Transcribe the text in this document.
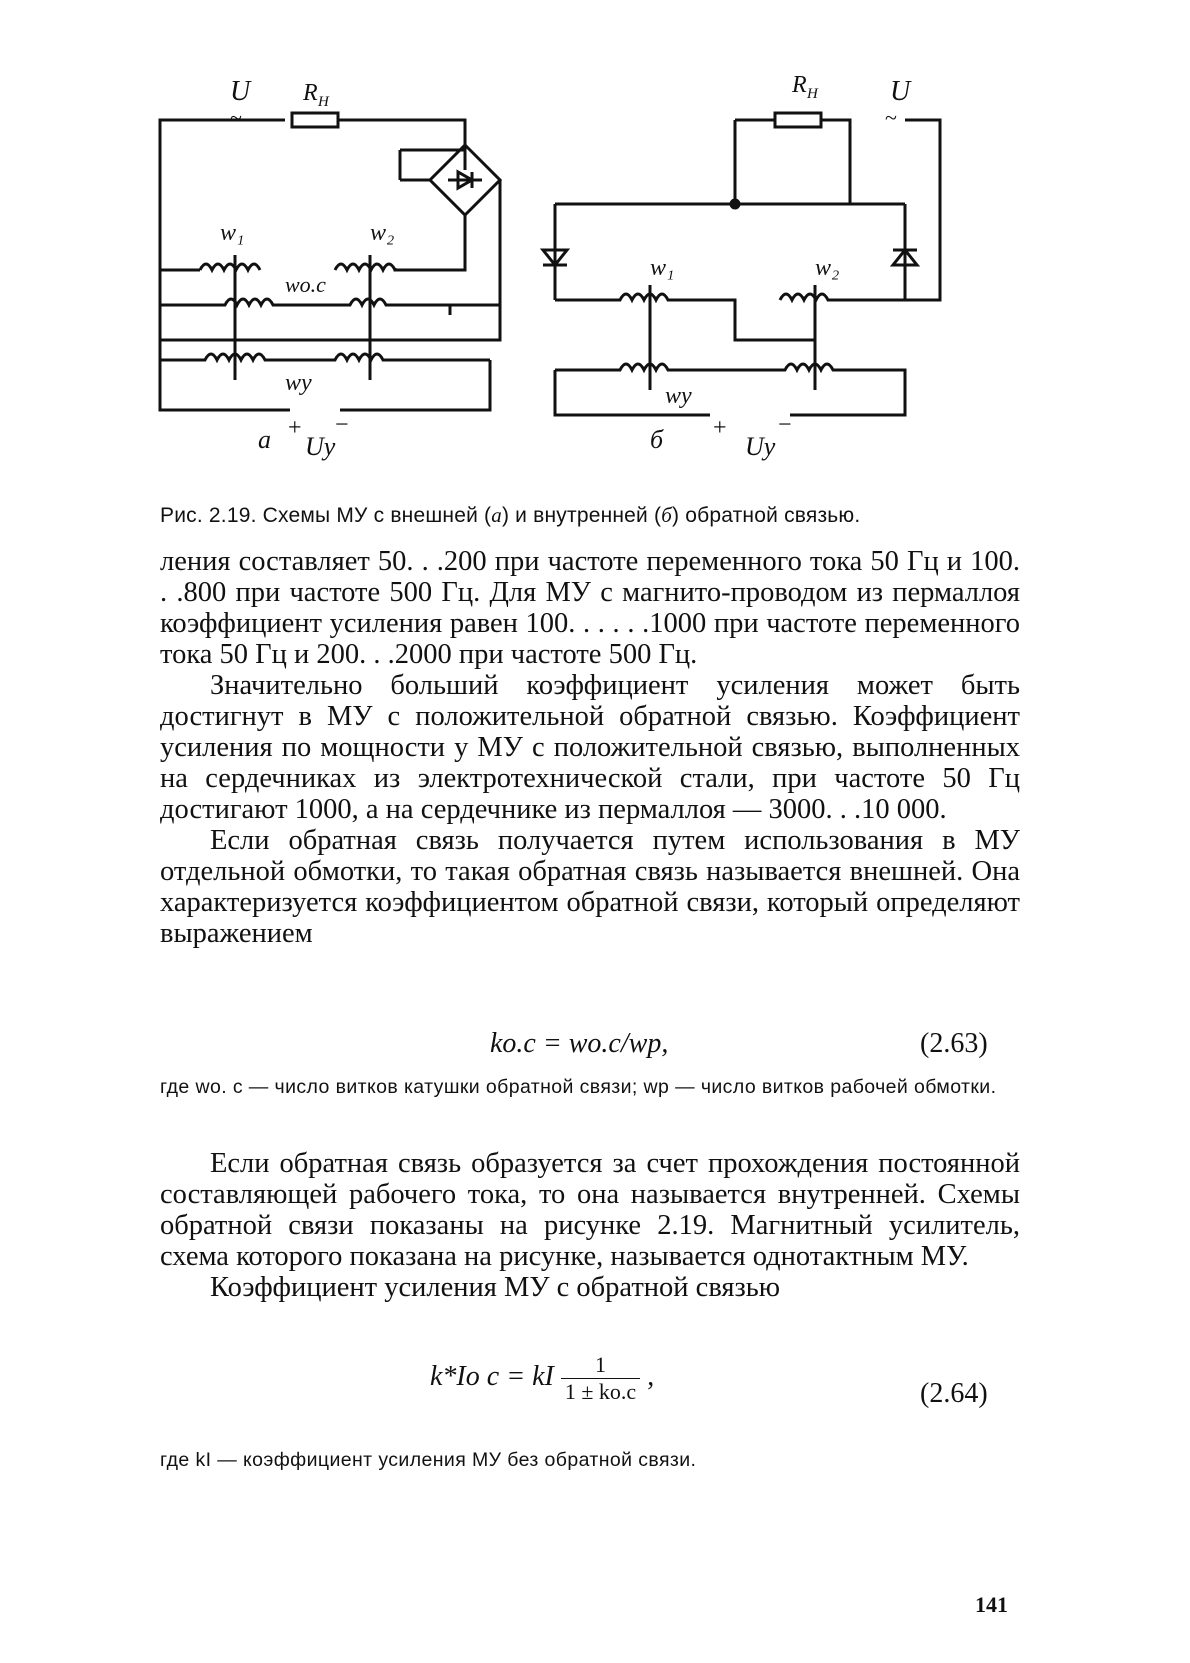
U
~
R Н
w₁	w₂
wо.с
wу
а + −
Uу
U
~
R Н
w₁	w₂
wу
б + −
Uу
Рис. 2.19. Схемы МУ с внешней (а) и внутренней (б) обратной связью.

ления составляет 50. . .200 при частоте переменного тока 50 Гц и 100. . .800 при частоте 500 Гц. Для МУ с магнито-проводом из пермаллоя коэффициент усиления равен 100. . . . . .1000 при частоте переменного тока 50 Гц и 200. . .2000 при частоте 500 Гц.

Значительно больший коэффициент усиления может быть достигнут в МУ с положительной обратной связью. Коэффициент усиления по мощности у МУ с положительной связью, выполненных на сердечниках из электротехнической стали, при частоте 50 Гц достигают 1000, а на сердечнике из пермаллоя — 3000. . .10 000.

Если обратная связь получается путем использования в МУ отдельной обмотки, то такая обратная связь называется внешней. Она характеризуется коэффициентом обратной связи, который определяют выражением

kо.с = wо.с/wр,	(2.63)
где wо. с — число витков катушки обратной связи; wр — число витков рабочей обмотки.

Если обратная связь образуется за счет прохождения постоянной составляющей рабочего тока, то она называется внутренней. Схемы обратной связи показаны на рисунке 2.19. Магнитный усилитель, схема которого показана на рисунке, называется однотактным МУ.

Коэффициент усиления МУ с обратной связью

k*Iо с = kI $\frac{1}{1 \pm kо.с}$ ,
(2.64)
где kI — коэффициент усиления МУ без обратной связи.
141
